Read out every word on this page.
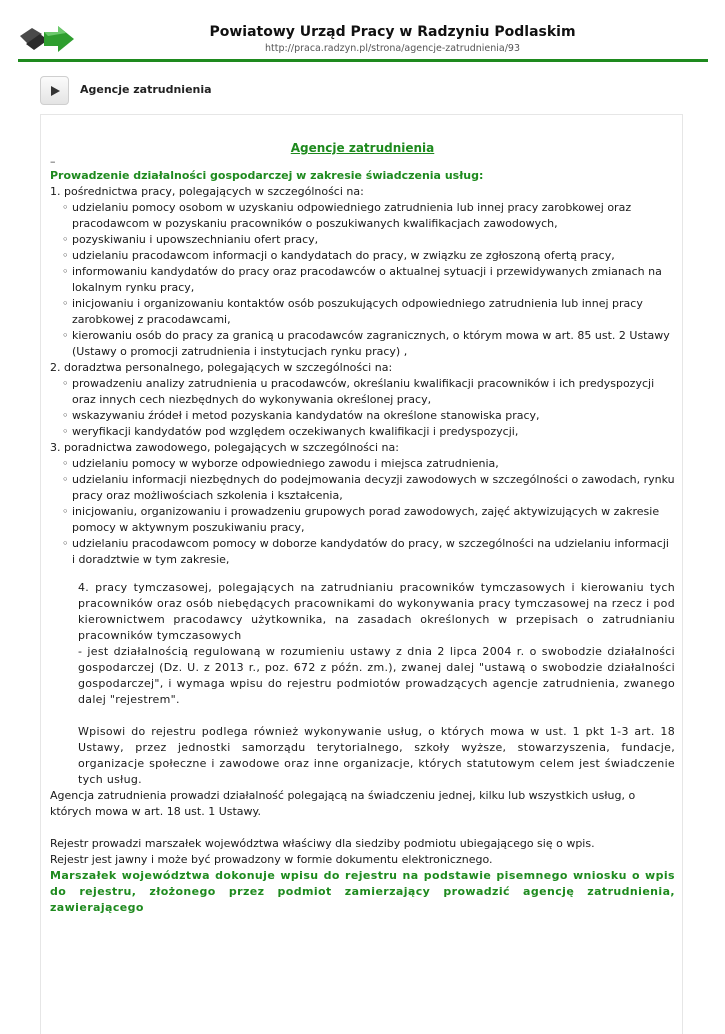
Powiatowy Urząd Pracy w Radzyniu Podlaskim
http://praca.radzyn.pl/strona/agencje-zatrudnienia/93
Agencje zatrudnienia

Agencje zatrudnienia

–

Prowadzenie działalności gospodarczej w zakresie świadczenia usług:

1. pośrednictwa pracy, polegających w szczególności na:

◦ udzielaniu pomocy osobom w uzyskaniu odpowiedniego zatrudnienia lub innej pracy zarobkowej oraz pracodawcom w pozyskaniu pracowników o poszukiwanych kwalifikacjach zawodowych,
◦ pozyskiwaniu i upowszechnianiu ofert pracy,
◦ udzielaniu pracodawcom informacji o kandydatach do pracy, w związku ze zgłoszoną ofertą pracy,
◦ informowaniu kandydatów do pracy oraz pracodawców o aktualnej sytuacji i przewidywanych zmianach na lokalnym rynku pracy,
◦ inicjowaniu i organizowaniu kontaktów osób poszukujących odpowiedniego zatrudnienia lub innej pracy zarobkowej z pracodawcami,
◦ kierowaniu osób do pracy za granicą u pracodawców zagranicznych, o którym mowa w art. 85 ust. 2 Ustawy (Ustawy o promocji zatrudnienia i instytucjach rynku pracy) ,

2. doradztwa personalnego, polegających w szczególności na:

◦ prowadzeniu analizy zatrudnienia u pracodawców, określaniu kwalifikacji pracowników i ich predyspozycji oraz innych cech niezbędnych do wykonywania określonej pracy,
◦ wskazywaniu źródeł i metod pozyskania kandydatów na określone stanowiska pracy,
◦ weryfikacji kandydatów pod względem oczekiwanych kwalifikacji i predyspozycji,

3. poradnictwa zawodowego, polegających w szczególności na:

◦ udzielaniu pomocy w wyborze odpowiedniego zawodu i miejsca zatrudnienia,
◦ udzielaniu informacji niezbędnych do podejmowania decyzji zawodowych w szczególności o zawodach, rynku pracy oraz możliwościach szkolenia i kształcenia,
◦ inicjowaniu, organizowaniu i prowadzeniu grupowych porad zawodowych, zajęć aktywizujących w zakresie pomocy w aktywnym poszukiwaniu pracy,
◦ udzielaniu pracodawcom pomocy w doborze kandydatów do pracy, w szczególności na udzielaniu informacji i doradztwie w tym zakresie,

4. pracy tymczasowej, polegających na zatrudnianiu pracowników tymczasowych i kierowaniu tych pracowników oraz osób niebędących pracownikami do wykonywania pracy tymczasowej na rzecz i pod kierownictwem pracodawcy użytkownika, na zasadach określonych w przepisach o zatrudnianiu pracowników tymczasowych

- jest działalnością regulowaną w rozumieniu ustawy z dnia 2 lipca 2004 r. o swobodzie działalności gospodarczej (Dz. U. z 2013 r., poz. 672 z późn. zm.), zwanej dalej "ustawą o swobodzie działalności gospodarczej", i wymaga wpisu do rejestru podmiotów prowadzących agencje zatrudnienia, zwanego dalej "rejestrem".

Wpisowi do rejestru podlega również wykonywanie usług, o których mowa w ust. 1 pkt 1-3 art. 18 Ustawy, przez jednostki samorządu terytorialnego, szkoły wyższe, stowarzyszenia, fundacje, organizacje społeczne i zawodowe oraz inne organizacje, których statutowym celem jest świadczenie tych usług.

Agencja zatrudnienia prowadzi działalność polegającą na świadczeniu jednej, kilku lub wszystkich usług, o których mowa w art. 18 ust. 1 Ustawy.

Rejestr prowadzi marszałek województwa właściwy dla siedziby podmiotu ubiegającego się o wpis.

Rejestr jest jawny i może być prowadzony w formie dokumentu elektronicznego.

Marszałek województwa dokonuje wpisu do rejestru na podstawie pisemnego wniosku o wpis do rejestru, złożonego przez podmiot zamierzający prowadzić agencję zatrudnienia, zawierającego
